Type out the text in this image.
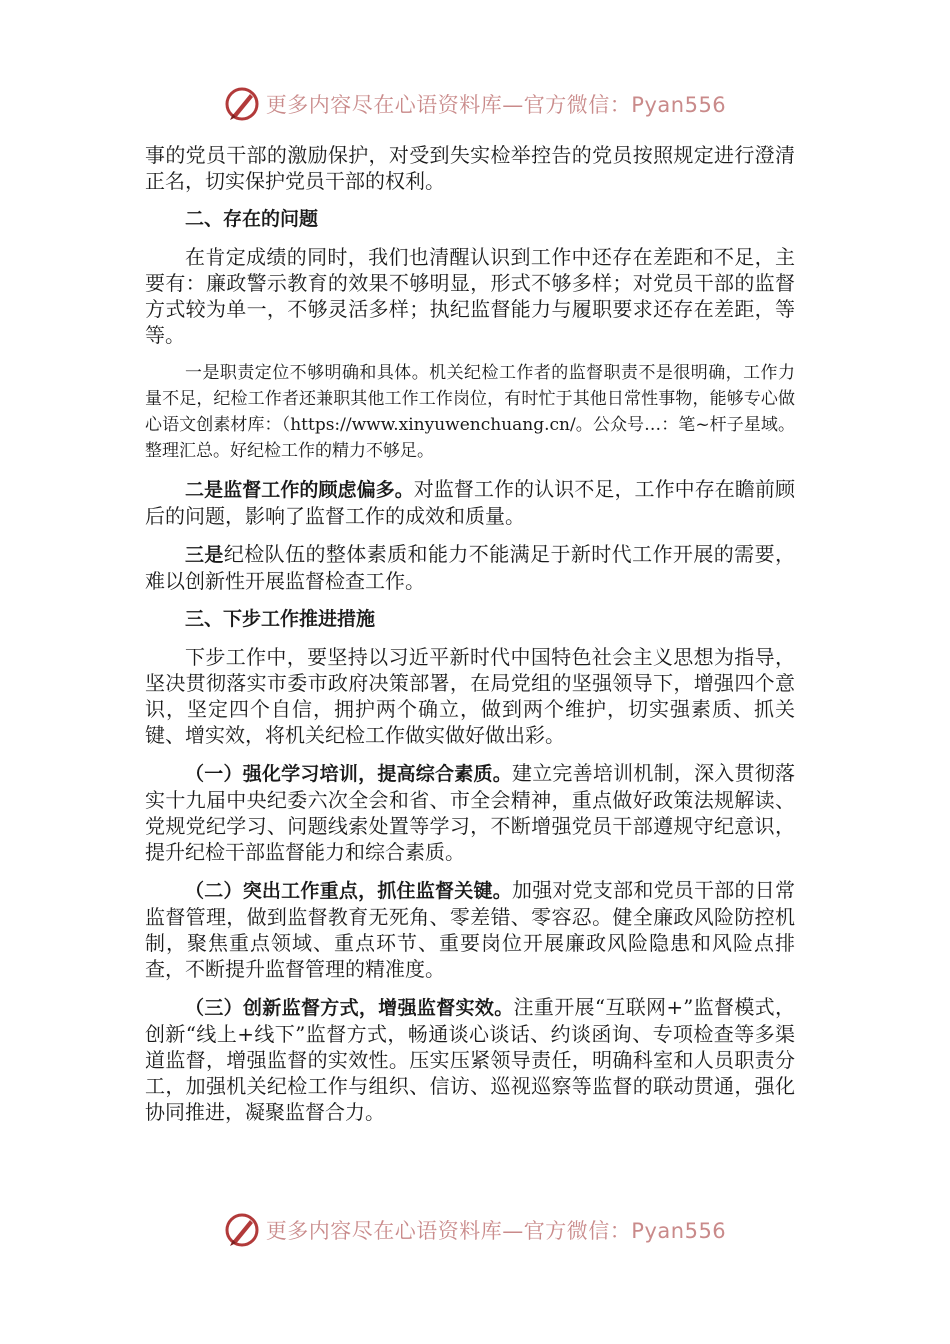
更多内容尽在心语资料库—官方微信：Pyan556

事的党员干部的激励保护，对受到失实检举控告的党员按照规定进行澄清正名，切实保护党员干部的权利。

二、存在的问题

在肯定成绩的同时，我们也清醒认识到工作中还存在差距和不足，主要有：廉政警示教育的效果不够明显，形式不够多样；对党员干部的监督方式较为单一，不够灵活多样；执纪监督能力与履职要求还存在差距，等等。

一是职责定位不够明确和具体。机关纪检工作者的监督职责不是很明确，工作力量不足，纪检工作者还兼职其他工作工作岗位，有时忙于其他日常性事物，能够专心做心语文创素材库：（https://www.xinyuwenchuang.cn/。公众号…：笔~杆子星域。整理汇总。好纪检工作的精力不够足。

二是监督工作的顾虑偏多。对监督工作的认识不足，工作中存在瞻前顾后的问题，影响了监督工作的成效和质量。

三是纪检队伍的整体素质和能力不能满足于新时代工作开展的需要，难以创新性开展监督检查工作。

三、下步工作推进措施

下步工作中，要坚持以习近平新时代中国特色社会主义思想为指导，坚决贯彻落实市委市政府决策部署，在局党组的坚强领导下，增强四个意识，坚定四个自信，拥护两个确立，做到两个维护，切实强素质、抓关键、增实效，将机关纪检工作做实做好做出彩。

（一）强化学习培训，提高综合素质。建立完善培训机制，深入贯彻落实十九届中央纪委六次全会和省、市全会精神，重点做好政策法规解读、党规党纪学习、问题线索处置等学习，不断增强党员干部遵规守纪意识，提升纪检干部监督能力和综合素质。

（二）突出工作重点，抓住监督关键。加强对党支部和党员干部的日常监督管理，做到监督教育无死角、零差错、零容忍。健全廉政风险防控机制，聚焦重点领域、重点环节、重要岗位开展廉政风险隐患和风险点排查，不断提升监督管理的精准度。

（三）创新监督方式，增强监督实效。注重开展“互联网+”监督模式，创新“线上+线下”监督方式，畅通谈心谈话、约谈函询、专项检查等多渠道监督，增强监督的实效性。压实压紧领导责任，明确科室和人员职责分工，加强机关纪检工作与组织、信访、巡视巡察等监督的联动贯通，强化协同推进，凝聚监督合力。

更多内容尽在心语资料库—官方微信：Pyan556
